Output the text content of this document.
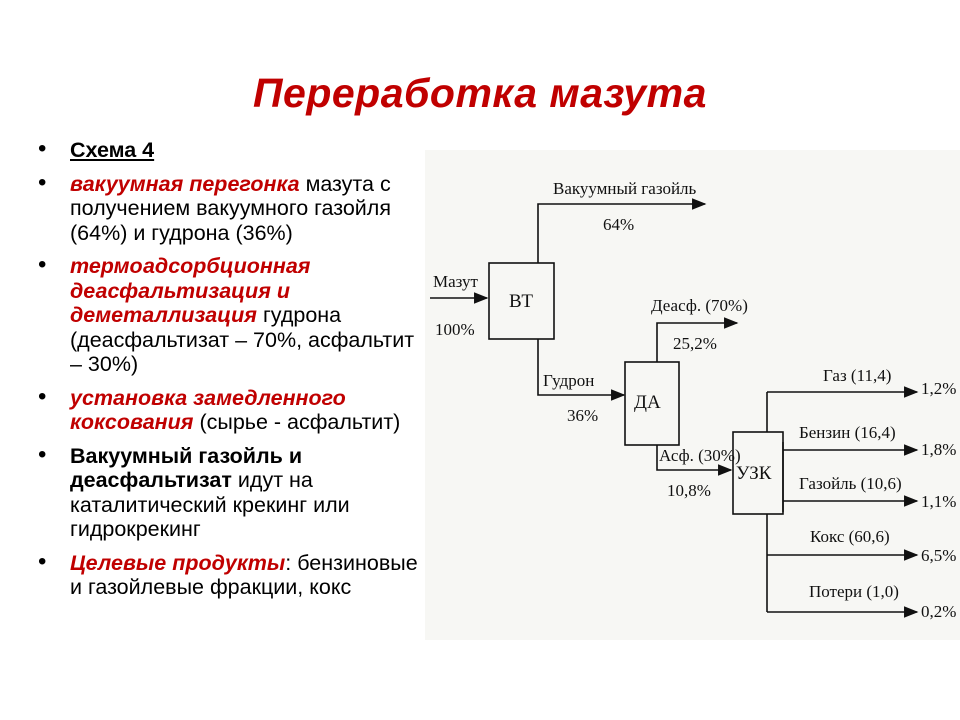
Переработка мазута
• Схема 4
• вакуумная перегонка мазута с получением вакуумного газойля (64%) и гудрона (36%)
• термоадсорбционная деасфальтизация и деметаллизация гудрона (деасфальтизат – 70%, асфальтит – 30%)
• установка замедленного коксования (сырье - асфальтит)
• Вакуумный газойль и деасфальтизат идут на каталитический крекинг или гидрокрекинг
• Целевые продукты: бензиновые и газойлевые фракции, кокс
Мазут
100%
ВТ
Вакуумный газойль
64%
Гудрон
36%
ДА
Деасф. (70%)
25,2%
Асф. (30%)
10,8%
УЗК
Газ (11,4)
1,2%
Бензин (16,4)
1,8%
Газойль (10,6)
1,1%
Кокс (60,6)
6,5%
Потери (1,0)
0,2%
